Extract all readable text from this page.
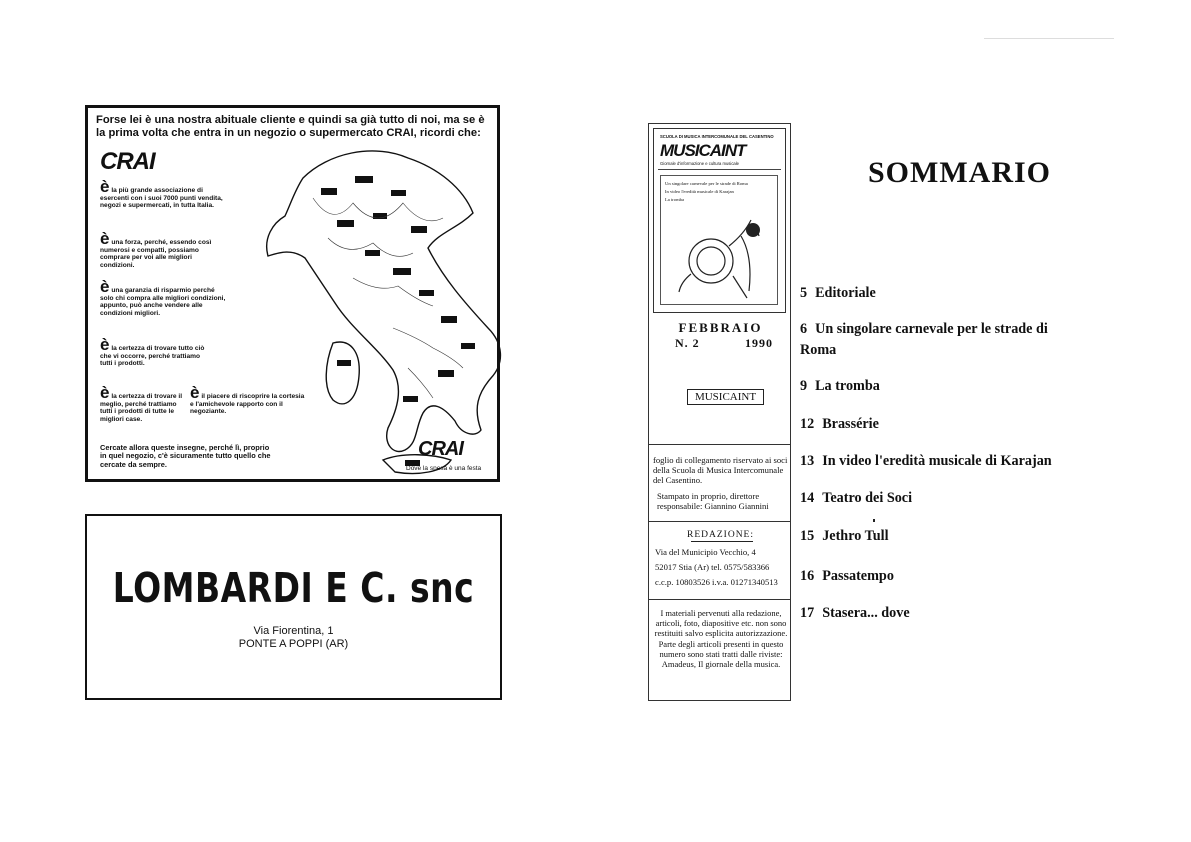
Forse lei è una nostra abituale cliente e quindi sa già tutto di noi, ma se è la prima volta che entra in un negozio o supermercato CRAI, ricordi che:
CRAI
è la più grande associazione di esercenti con i suoi 7000 punti vendita, negozi e supermercati, in tutta Italia.
è una forza, perché, essendo così numerosi e compatti, possiamo comprare per voi alle migliori condizioni.
è una garanzia di risparmio perché solo chi compra alle migliori condizioni, appunto, può anche vendere alle condizioni migliori.
è la certezza di trovare tutto ciò che vi occorre, perché trattiamo tutti i prodotti.
è la certezza di trovare il meglio, perché trattiamo tutti i prodotti di tutte le migliori case.
è il piacere di riscoprire la cortesia e l'amichevole rapporto con il negoziante.
Cercate allora queste insegne, perché lì, proprio in quel negozio, c'è sicuramente tutto quello che cercate da sempre.
CRAI
Dove la spesa è una festa
LOMBARDI E C. snc
Via Fiorentina, 1
PONTE A POPPI (AR)
SCUOLA DI MUSICA INTERCOMUNALE DEL CASENTINO
MUSICAINT
Giornale d'informazione e cultura musicale
Un singolare carnevale per le strade di Roma
In video l'eredità musicale di Karajan
La tromba
FEBBRAIO
N. 2	1990
MUSICAINT
foglio di collegamento riservato ai soci della Scuola di Musica Intercomunale del Casentino.
Stampato in proprio, direttore responsabile: Giannino Giannini
REDAZIONE:
Via del Municipio Vecchio, 4
52017 Stia (Ar) tel. 0575/583366
c.c.p. 10803526 i.v.a. 01271340513
I materiali pervenuti alla redazione, articoli, foto, diapositive etc. non sono restituiti salvo esplicita autorizzazione. Parte degli articoli presenti in questo numero sono stati tratti dalle riviste: Amadeus, Il giornale della musica.
SOMMARIO
5 Editoriale
6 Un singolare carnevale per le strade di Roma
9 La tromba
12 Brassérie
13 In video l'eredità musicale di Karajan
14 Teatro dei Soci
15 Jethro Tull
16 Passatempo
17 Stasera... dove
